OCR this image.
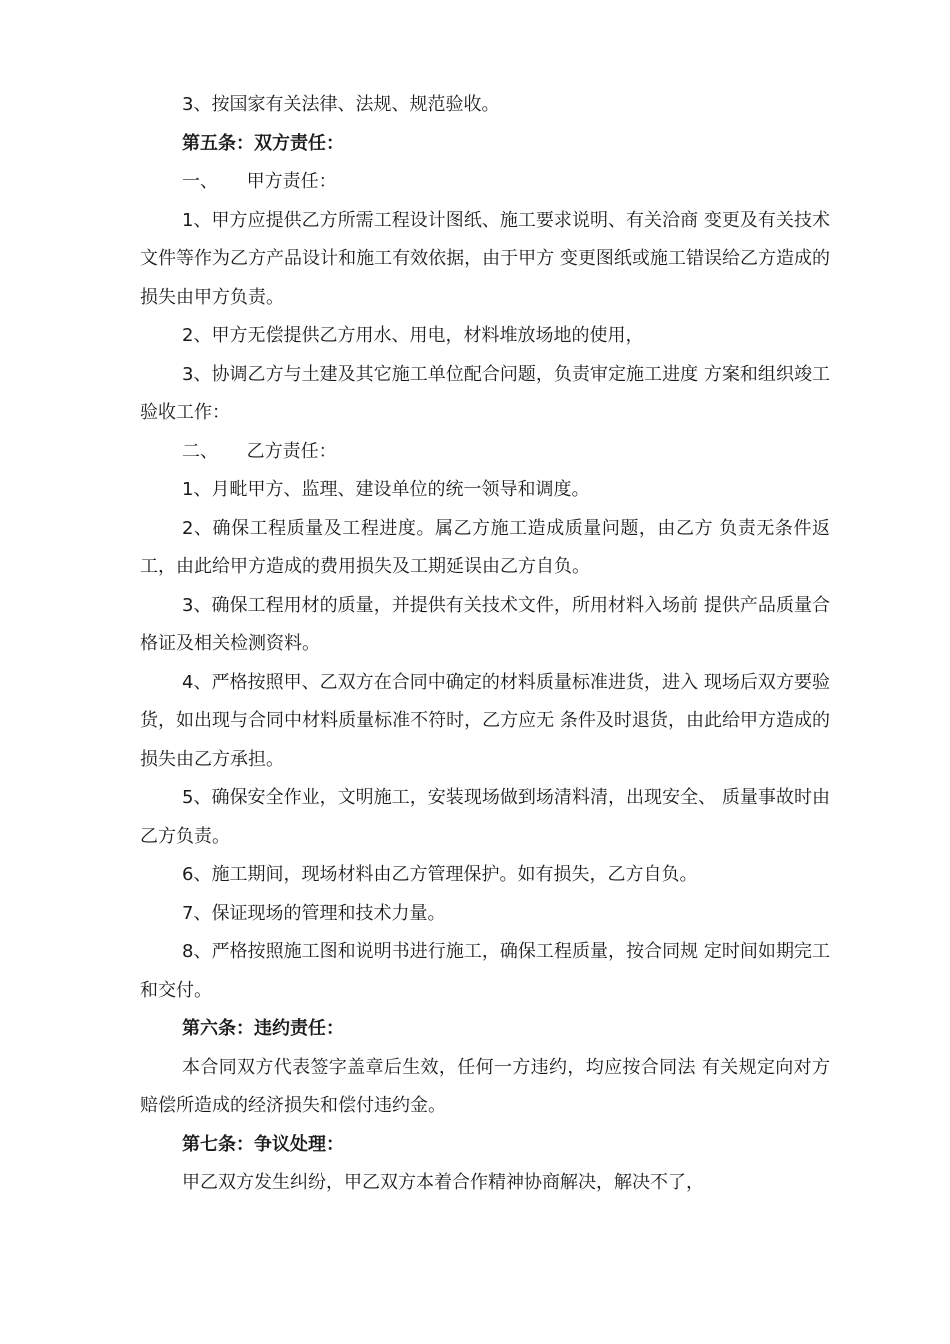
3、按国家有关法律、法规、规范验收。

第五条：双方责任：

一、     甲方责任：

1、甲方应提供乙方所需工程设计图纸、施工要求说明、有关洽商 变更及有关技术文件等作为乙方产品设计和施工有效依据，由于甲方 变更图纸或施工错误给乙方造成的损失由甲方负责。

2、甲方无偿提供乙方用水、用电，材料堆放场地的使用，

3、协调乙方与土建及其它施工单位配合问题，负责审定施工进度 方案和组织竣工验收工作：

二、     乙方责任：

1、月毗甲方、监理、建设单位的统一领导和调度。

2、确保工程质量及工程进度。属乙方施工造成质量问题，由乙方 负责无条件返工，由此给甲方造成的费用损失及工期延误由乙方自负。

3、确保工程用材的质量，并提供有关技术文件，所用材料入场前 提供产品质量合格证及相关检测资料。

4、严格按照甲、乙双方在合同中确定的材料质量标准进货，进入 现场后双方要验货，如出现与合同中材料质量标准不符时，乙方应无 条件及时退货，由此给甲方造成的损失由乙方承担。

5、确保安全作业，文明施工，安装现场做到场清料清，出现安全、 质量事故时由乙方负责。

6、施工期间，现场材料由乙方管理保护。如有损失，乙方自负。

7、保证现场的管理和技术力量。

8、严格按照施工图和说明书进行施工，确保工程质量，按合同规 定时间如期完工和交付。

第六条：违约责任：

本合同双方代表签字盖章后生效，任何一方违约，均应按合同法 有关规定向对方赔偿所造成的经济损失和偿付违约金。

第七条：争议处理：

甲乙双方发生纠纷，甲乙双方本着合作精神协商解决，解决不了，
